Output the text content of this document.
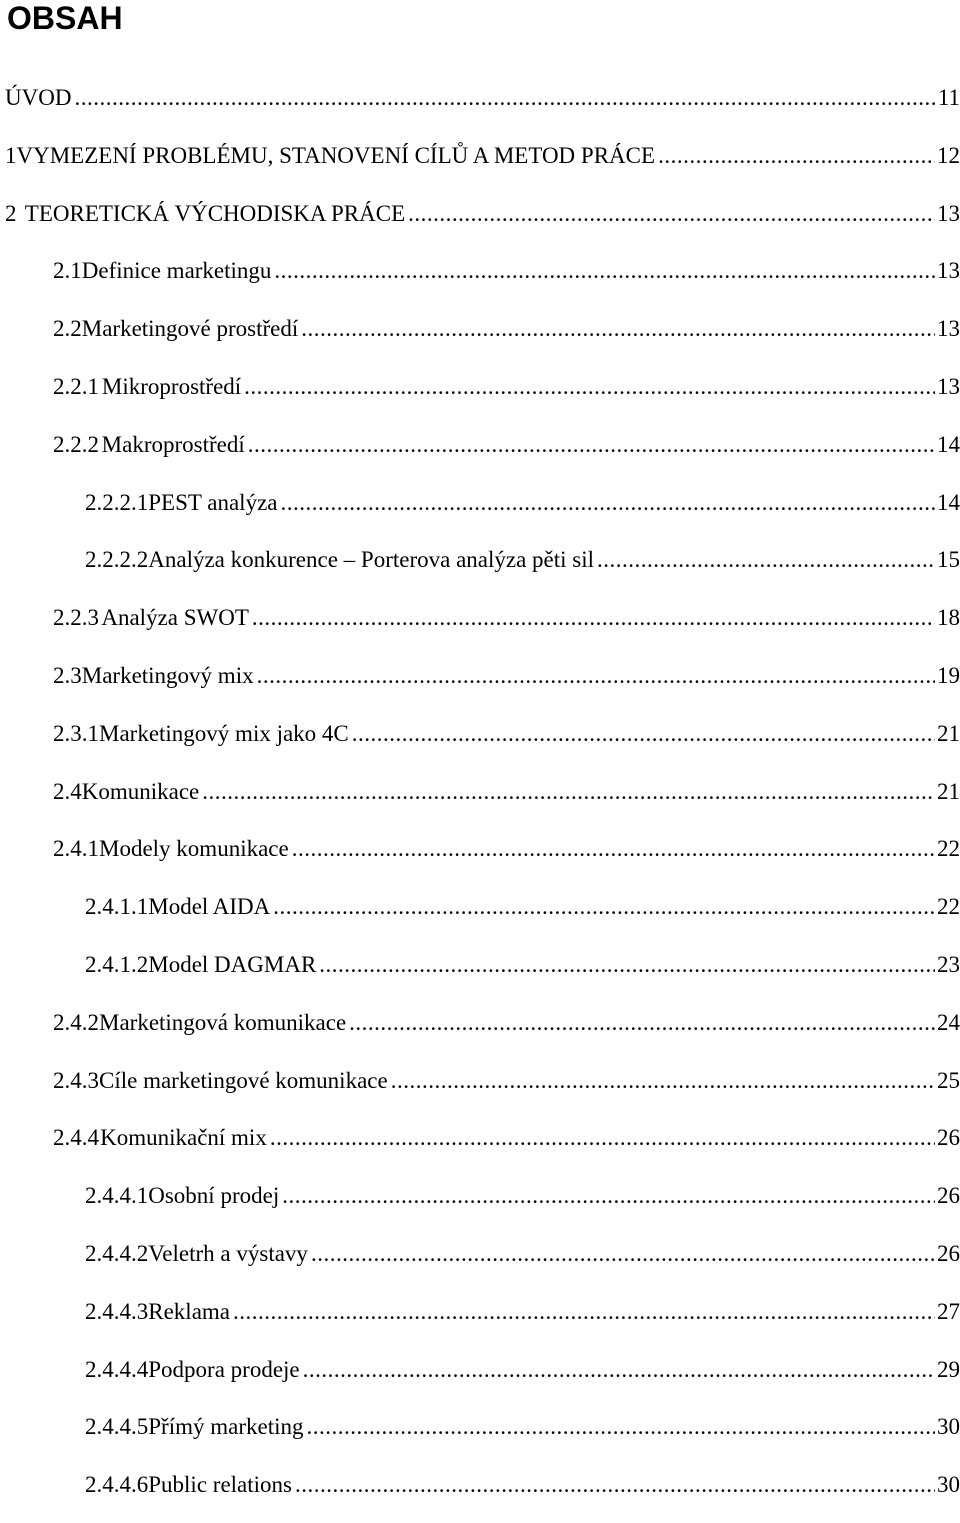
OBSAH
ÚVOD .....	11
1 VYMEZENÍ PROBLÉMU, STANOVENÍ CÍLŮ A METOD PRÁCE .....	12
2 TEORETICKÁ VÝCHODISKA PRÁCE .....	13
2.1 Definice marketingu .....	13
2.2 Marketingové prostředí .....	13
2.2.1 Mikroprostředí .....	13
2.2.2 Makroprostředí .....	14
2.2.2.1 PEST analýza .....	14
2.2.2.2 Analýza konkurence – Porterova analýza pěti sil .....	15
2.2.3 Analýza SWOT .....	18
2.3 Marketingový mix .....	19
2.3.1 Marketingový mix jako 4C .....	21
2.4 Komunikace .....	21
2.4.1 Modely komunikace .....	22
2.4.1.1 Model AIDA .....	22
2.4.1.2 Model DAGMAR .....	23
2.4.2 Marketingová komunikace .....	24
2.4.3 Cíle marketingové komunikace .....	25
2.4.4 Komunikační mix .....	26
2.4.4.1 Osobní prodej .....	26
2.4.4.2 Veletrh a výstavy .....	26
2.4.4.3 Reklama .....	27
2.4.4.4 Podpora prodeje .....	29
2.4.4.5 Přímý marketing .....	30
2.4.4.6 Public relations .....	30
